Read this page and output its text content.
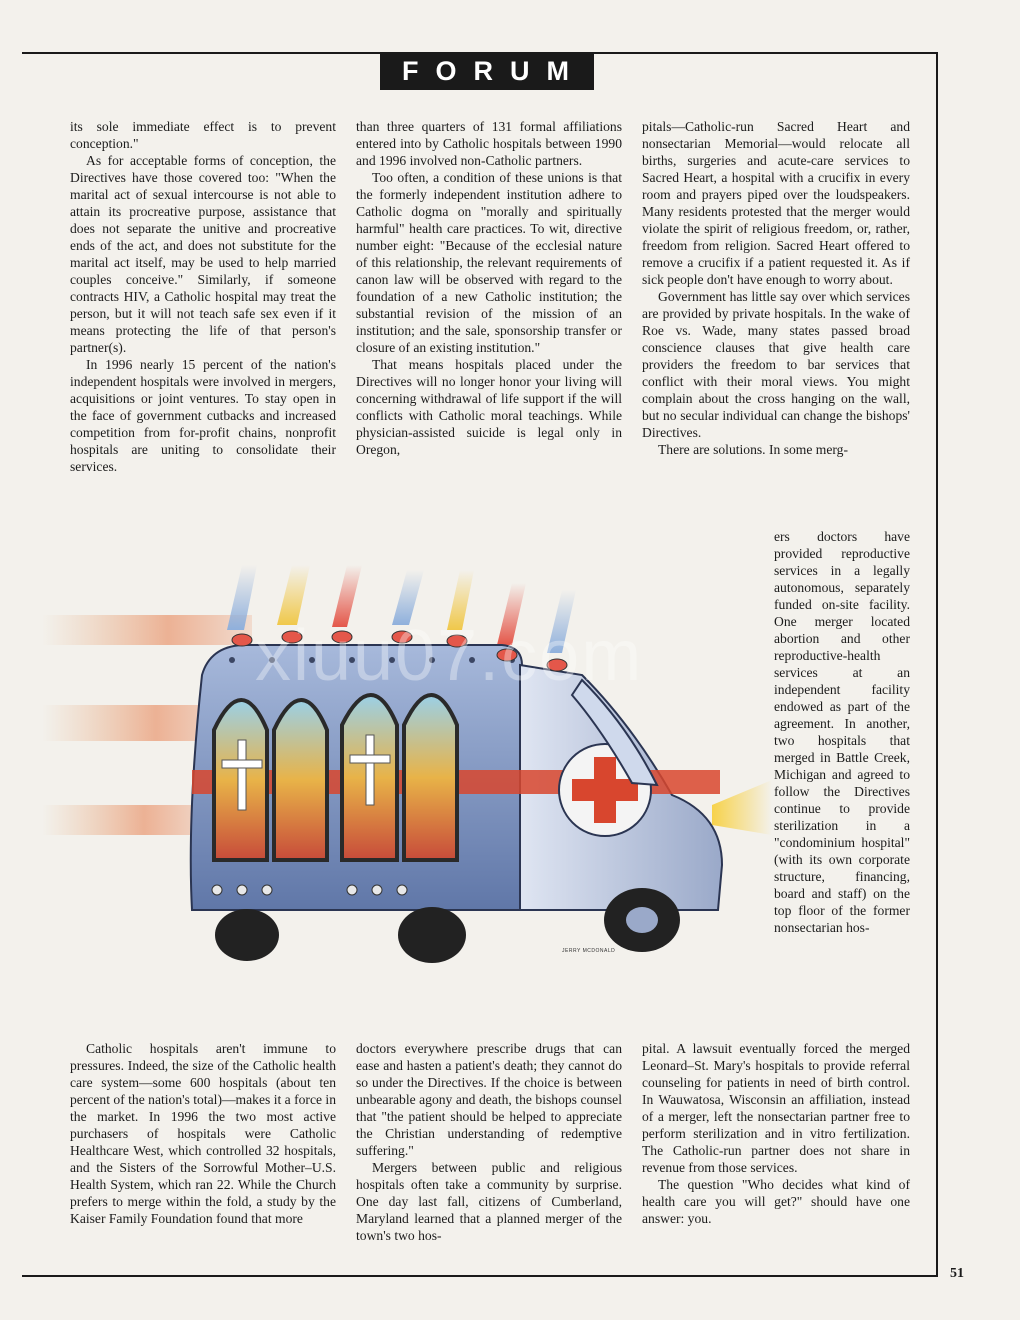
FORUM

its sole immediate effect is to prevent conception."

As for acceptable forms of conception, the Directives have those covered too: "When the marital act of sexual intercourse is not able to attain its procreative purpose, assistance that does not separate the unitive and procreative ends of the act, and does not substitute for the marital act itself, may be used to help married couples conceive." Similarly, if someone contracts HIV, a Catholic hospital may treat the person, but it will not teach safe sex even if it means protecting the life of that person's partner(s).

In 1996 nearly 15 percent of the nation's independent hospitals were involved in mergers, acquisitions or joint ventures. To stay open in the face of government cutbacks and increased competition from for-profit chains, nonprofit hospitals are uniting to consolidate their services.

than three quarters of 131 formal affiliations entered into by Catholic hospitals between 1990 and 1996 involved non-Catholic partners.

Too often, a condition of these unions is that the formerly independent institution adhere to Catholic dogma on "morally and spiritually harmful" health care practices. To wit, directive number eight: "Because of the ecclesial nature of this relationship, the relevant requirements of canon law will be observed with regard to the foundation of a new Catholic institution; the substantial revision of the mission of an institution; and the sale, sponsorship transfer or closure of an existing institution."

That means hospitals placed under the Directives will no longer honor your living will concerning withdrawal of life support if the will conflicts with Catholic moral teachings. While physician-assisted suicide is legal only in Oregon,

pitals—Catholic-run Sacred Heart and nonsectarian Memorial—would relocate all births, surgeries and acute-care services to Sacred Heart, a hospital with a crucifix in every room and prayers piped over the loudspeakers. Many residents protested that the merger would violate the spirit of religious freedom, or, rather, freedom from religion. Sacred Heart offered to remove a crucifix if a patient requested it. As if sick people don't have enough to worry about.

Government has little say over which services are provided by private hospitals. In the wake of Roe vs. Wade, many states passed broad conscience clauses that give health care providers the freedom to bar services that conflict with their moral views. You might complain about the cross hanging on the wall, but no secular individual can change the bishops' Directives.

There are solutions. In some merg-

ers doctors have provided reproductive services in a legally autonomous, separately funded on-site facility. One merger located abortion and other reproductive-health services at an independent facility endowed as part of the agreement. In another, two hospitals that merged in Battle Creek, Michigan and agreed to follow the Directives continue to provide sterilization in a "condominium hospital" (with its own corporate structure, financing, board and staff) on the top floor of the former nonsectarian hos-

xiuu07.com
JERRY MCDONALD

Catholic hospitals aren't immune to pressures. Indeed, the size of the Catholic health care system—some 600 hospitals (about ten percent of the nation's total)—makes it a force in the market. In 1996 the two most active purchasers of hospitals were Catholic Healthcare West, which controlled 32 hospitals, and the Sisters of the Sorrowful Mother–U.S. Health System, which ran 22. While the Church prefers to merge within the fold, a study by the Kaiser Family Foundation found that more

doctors everywhere prescribe drugs that can ease and hasten a patient's death; they cannot do so under the Directives. If the choice is between unbearable agony and death, the bishops counsel that "the patient should be helped to appreciate the Christian understanding of redemptive suffering."

Mergers between public and religious hospitals often take a community by surprise. One day last fall, citizens of Cumberland, Maryland learned that a planned merger of the town's two hos-

pital. A lawsuit eventually forced the merged Leonard–St. Mary's hospitals to provide referral counseling for patients in need of birth control. In Wauwatosa, Wisconsin an affiliation, instead of a merger, left the nonsectarian partner free to perform sterilization and in vitro fertilization. The Catholic-run partner does not share in revenue from those services.

The question "Who decides what kind of health care you will get?" should have one answer: you.

51
